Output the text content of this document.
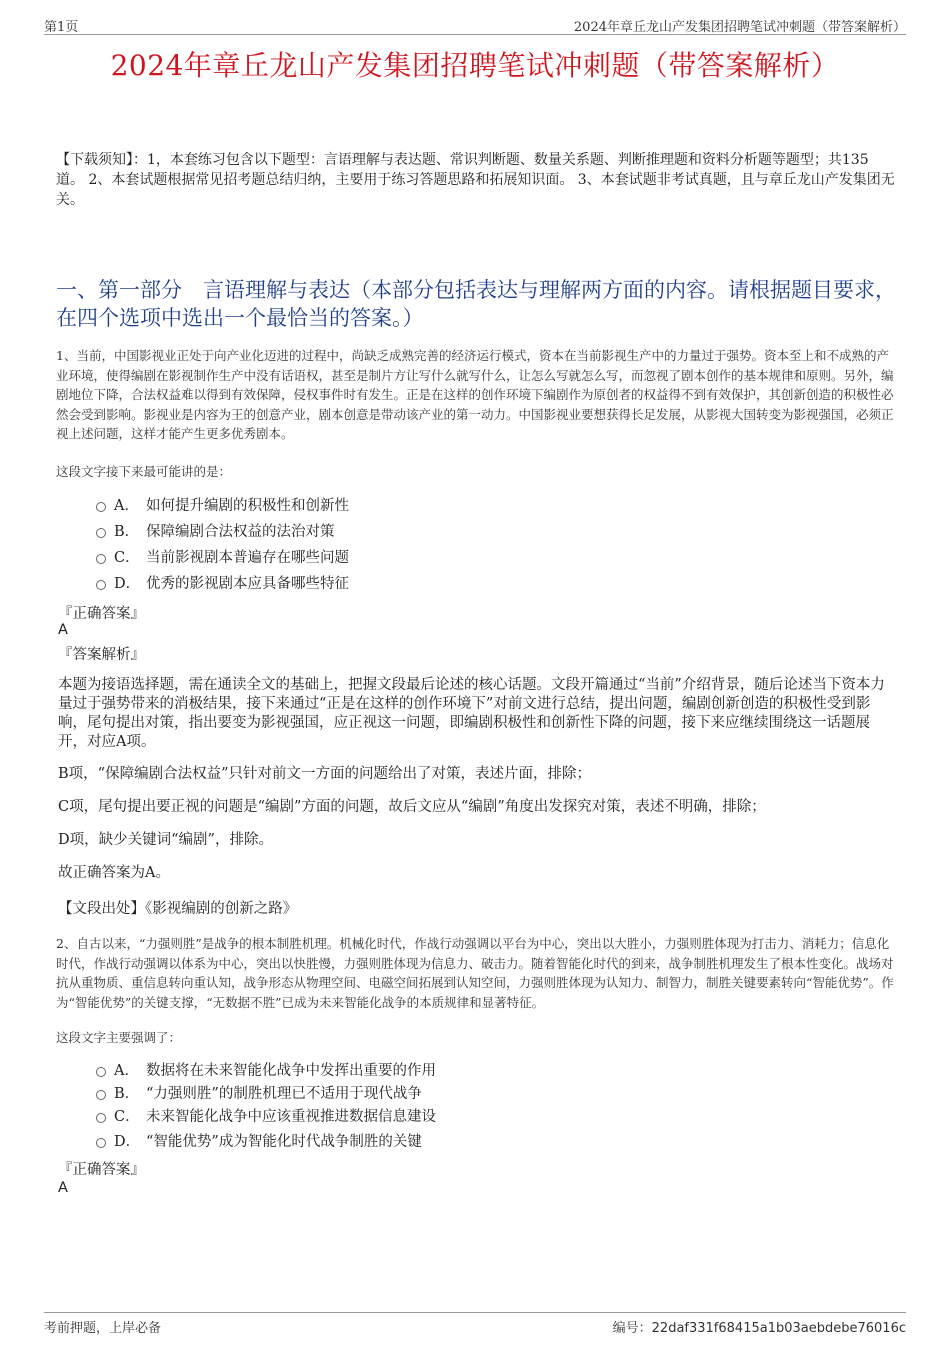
第1页	2024年章丘龙山产发集团招聘笔试冲刺题（带答案解析）
2024年章丘龙山产发集团招聘笔试冲刺题（带答案解析）
【下载须知】：1，本套练习包含以下题型：言语理解与表达题、常识判断题、数量关系题、判断推理题和资料分析题等题型；共135道。 2、本套试题根据常见招考题总结归纳，主要用于练习答题思路和拓展知识面。 3、本套试题非考试真题，且与章丘龙山产发集团无关。
一、第一部分　言语理解与表达（本部分包括表达与理解两方面的内容。请根据题目要求，在四个选项中选出一个最恰当的答案。）
1、当前，中国影视业正处于向产业化迈进的过程中，尚缺乏成熟完善的经济运行模式，资本在当前影视生产中的力量过于强势。资本至上和不成熟的产业环境，使得编剧在影视制作生产中没有话语权，甚至是制片方让写什么就写什么，让怎么写就怎么写，而忽视了剧本创作的基本规律和原则。另外，编剧地位下降，合法权益难以得到有效保障，侵权事件时有发生。正是在这样的创作环境下编剧作为原创者的权益得不到有效保护，其创新创造的积极性必然会受到影响。影视业是内容为王的创意产业，剧本创意是带动该产业的第一动力。中国影视业要想获得长足发展，从影视大国转变为影视强国，必须正视上述问题，这样才能产生更多优秀剧本。
这段文字接下来最可能讲的是：
A． 如何提升编剧的积极性和创新性
B． 保障编剧合法权益的法治对策
C． 当前影视剧本普遍存在哪些问题
D． 优秀的影视剧本应具备哪些特征
『正确答案』
A
『答案解析』
本题为接语选择题，需在通读全文的基础上，把握文段最后论述的核心话题。文段开篇通过“当前”介绍背景，随后论述当下资本力量过于强势带来的消极结果，接下来通过“正是在这样的创作环境下”对前文进行总结，提出问题，编剧创新创造的积极性受到影响，尾句提出对策，指出要变为影视强国，应正视这一问题，即编剧积极性和创新性下降的问题，接下来应继续围绕这一话题展开，对应A项。
B项，“保障编剧合法权益”只针对前文一方面的问题给出了对策，表述片面，排除；
C项，尾句提出要正视的问题是“编剧”方面的问题，故后文应从“编剧”角度出发探究对策，表述不明确，排除；
D项，缺少关键词“编剧”，排除。
故正确答案为A。
【文段出处】《影视编剧的创新之路》
2、自古以来，“力强则胜”是战争的根本制胜机理。机械化时代，作战行动强调以平台为中心，突出以大胜小，力强则胜体现为打击力、消耗力；信息化时代，作战行动强调以体系为中心，突出以快胜慢，力强则胜体现为信息力、破击力。随着智能化时代的到来，战争制胜机理发生了根本性变化。战场对抗从重物质、重信息转向重认知，战争形态从物理空间、电磁空间拓展到认知空间，力强则胜体现为认知力、制智力，制胜关键要素转向“智能优势”。作为“智能优势”的关键支撑，“无数据不胜”已成为未来智能化战争的本质规律和显著特征。
这段文字主要强调了：
A． 数据将在未来智能化战争中发挥出重要的作用
B． “力强则胜”的制胜机理已不适用于现代战争
C． 未来智能化战争中应该重视推进数据信息建设
D． “智能优势”成为智能化时代战争制胜的关键
『正确答案』
A
考前押题，上岸必备	编号：22daf331f68415a1b03aebdebe76016c
